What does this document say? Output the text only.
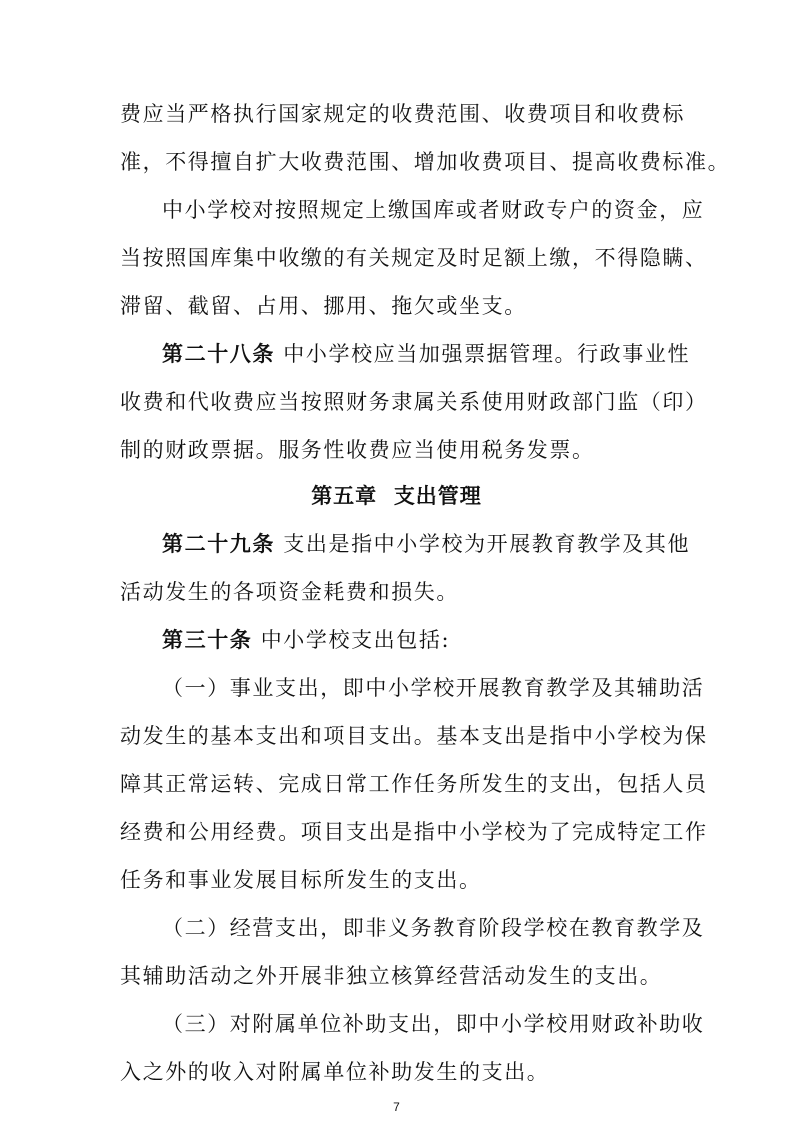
费应当严格执行国家规定的收费范围、收费项目和收费标
准，不得擅自扩大收费范围、增加收费项目、提高收费标准。
中小学校对按照规定上缴国库或者财政专户的资金，应
当按照国库集中收缴的有关规定及时足额上缴，不得隐瞒、
滞留、截留、占用、挪用、拖欠或坐支。
第二十八条 中小学校应当加强票据管理。行政事业性
收费和代收费应当按照财务隶属关系使用财政部门监（印）
制的财政票据。服务性收费应当使用税务发票。
第五章 支出管理
第二十九条 支出是指中小学校为开展教育教学及其他
活动发生的各项资金耗费和损失。
第三十条 中小学校支出包括:
（一）事业支出，即中小学校开展教育教学及其辅助活
动发生的基本支出和项目支出。基本支出是指中小学校为保
障其正常运转、完成日常工作任务所发生的支出，包括人员
经费和公用经费。项目支出是指中小学校为了完成特定工作
任务和事业发展目标所发生的支出。
（二）经营支出，即非义务教育阶段学校在教育教学及
其辅助活动之外开展非独立核算经营活动发生的支出。
（三）对附属单位补助支出，即中小学校用财政补助收
入之外的收入对附属单位补助发生的支出。
7
